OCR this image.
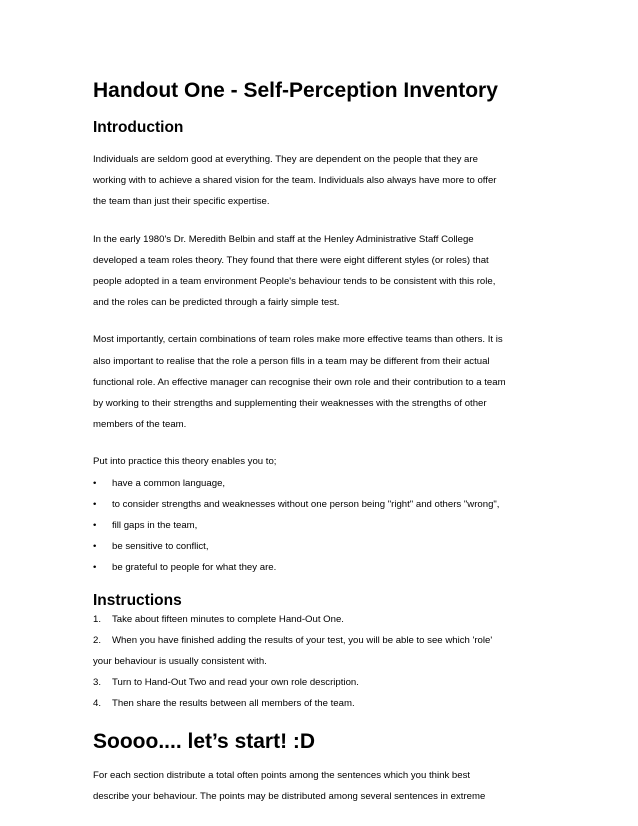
Handout One - Self-Perception Inventory
Introduction

Individuals are seldom good at everything. They are dependent on the people that they are
working with to achieve a shared vision for the team. Individuals also always have more to offer
the team than just their specific expertise.

In the early 1980's Dr. Meredith Belbin and staff at the Henley Administrative Staff College
developed a team roles theory. They found that there were eight different styles (or roles) that
people adopted in a team environment People's behaviour tends to be consistent with this role,
and the roles can be predicted through a fairly simple test.

Most importantly, certain combinations of team roles make more effective teams than others. It is
also important to realise that the role a person fills in a team may be different from their actual
functional role. An effective manager can recognise their own role and their contribution to a team
by working to their strengths and supplementing their weaknesses with the strengths of other
members of the team.

Put into practice this theory enables you to;

• have a common language,
• to consider strengths and weaknesses without one person being "right" and others "wrong",
• fill gaps in the team,
• be sensitive to conflict,
• be grateful to people for what they are.
Instructions
1. Take about fifteen minutes to complete Hand-Out One.
2. When you have finished adding the results of your test, you will be able to see which 'role'
your behaviour is usually consistent with.
3. Turn to Hand-Out Two and read your own role description.
4. Then share the results between all members of the team.
Soooo.... let’s start! :D

For each section distribute a total often points among the sentences which you think best
describe your behaviour. The points may be distributed among several sentences in extreme
